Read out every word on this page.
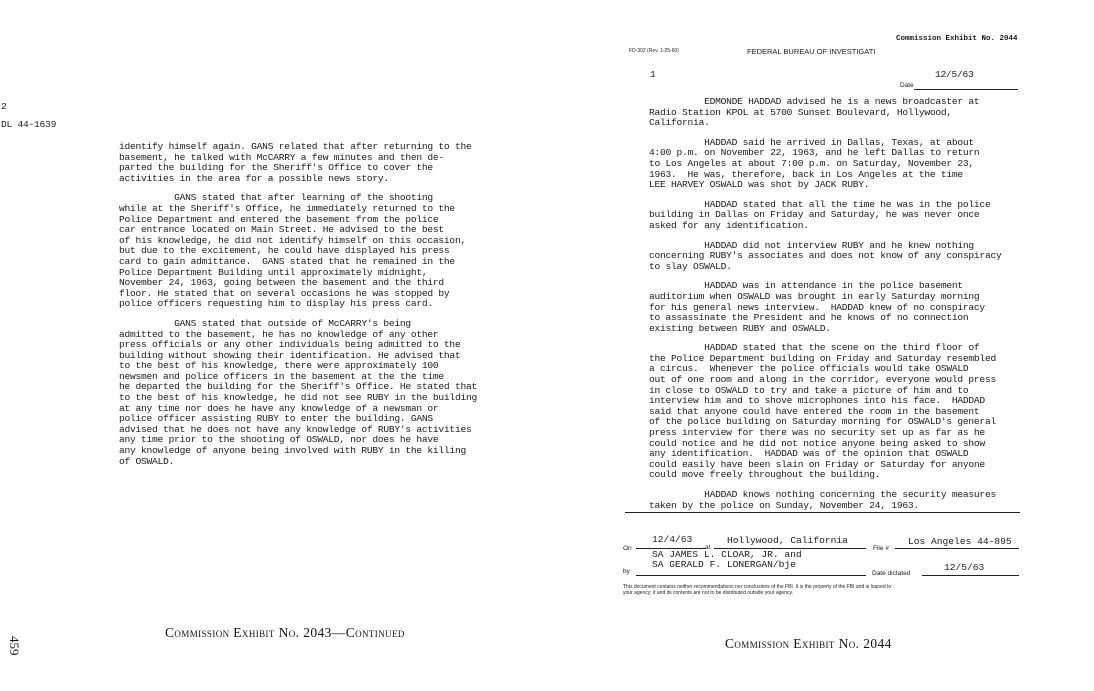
2
DL 44-1639
identify himself again. GANS related that after returning to the
basement, he talked with McCARRY a few minutes and then de-
parted the building for the Sheriff's Office to cover the
activities in the area for a possible news story.
GANS stated that after learning of the shooting
while at the Sheriff's Office, he immediately returned to the
Police Department and entered the basement from the police
car entrance located on Main Street. He advised to the best
of his knowledge, he did not identify himself on this occasion,
but due to the excitement, he could have displayed his press
card to gain admittance.  GANS stated that he remained in the
Police Department Building until approximately midnight,
November 24, 1963, going between the basement and the third
floor. He stated that on several occasions he was stopped by
police officers requesting him to display his press card.
GANS stated that outside of McCARRY's being
admitted to the basement, he has no knowledge of any other
press officials or any other individuals being admitted to the
building without showing their identification. He advised that
to the best of his knowledge, there were approximately 100
newsmen and police officers in the basement at the the time
he departed the building for the Sheriff's Office. He stated that
to the best of his knowledge, he did not see RUBY in the building
at any time nor does he have any knowledge of a newsman or
police officer assisting RUBY to enter the building. GANS
advised that he does not have any knowledge of RUBY's activities
any time prior to the shooting of OSWALD, nor does he have
any knowledge of anyone being involved with RUBY in the killing
of OSWALD.
459
Commission Exhibit No. 2043—Continued
Commission Exhibit No. 2044
FD-302 (Rev. 1-25-60)	FEDERAL BUREAU OF INVESTIGATI
1	12/5/63
Date
EDMONDE HADDAD advised he is a news broadcaster at
Radio Station KPOL at 5700 Sunset Boulevard, Hollywood,
California.
HADDAD said he arrived in Dallas, Texas, at about
4:00 p.m. on November 22, 1963, and he left Dallas to return
to Los Angeles at about 7:00 p.m. on Saturday, November 23,
1963.  He was, therefore, back in Los Angeles at the time
LEE HARVEY OSWALD was shot by JACK RUBY.
HADDAD stated that all the time he was in the police
building in Dallas on Friday and Saturday, he was never once
asked for any identification.
HADDAD did not interview RUBY and he knew nothing
concerning RUBY's associates and does not know of any conspiracy
to slay OSWALD.
HADDAD was in attendance in the police basement
auditorium when OSWALD was brought in early Saturday morning
for his general news interview.  HADDAD knew of no conspiracy
to assassinate the President and he knows of no connection
existing between RUBY and OSWALD.
HADDAD stated that the scene on the third floor of
the Police Department building on Friday and Saturday resembled
a circus.  Whenever the police officials would take OSWALD
out of one room and along in the corridor, everyone would press
in close to OSWALD to try and take a picture of him and to
interview him and to shove microphones into his face.  HADDAD
said that anyone could have entered the room in the basement
of the police building on Saturday morning for OSWALD's general
press interview for there was no security set up as far as he
could notice and he did not notice anyone being asked to show
any identification.  HADDAD was of the opinion that OSWALD
could easily have been slain on Friday or Saturday for anyone
could move freely throughout the building.
HADDAD knows nothing concerning the security measures
taken by the police on Sunday, November 24, 1963.
On
12/4/63
at
Hollywood, California
File #
Los Angeles 44-895
SA JAMES L. CLOAR, JR. and
SA GERALD F. LONERGAN/bje
by	Date dictated
12/5/63
This document contains neither recommendations nor conclusions of the FBI. It is the property of the FBI and is loaned to
your agency; it and its contents are not to be distributed outside your agency.
Commission Exhibit No. 2044
